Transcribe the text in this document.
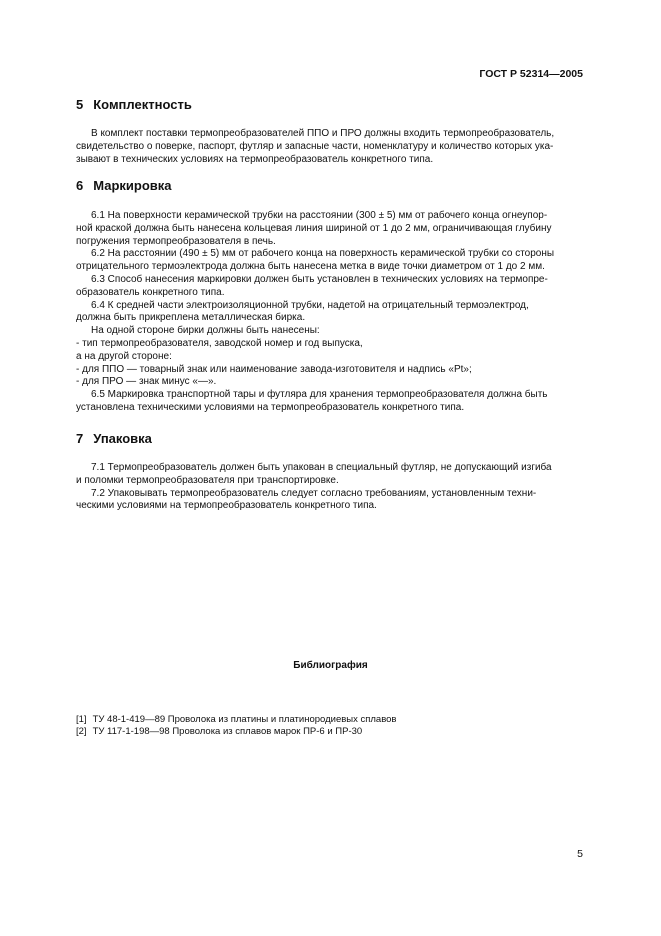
ГОСТ Р 52314—2005
5 Комплектность
В комплект поставки термопреобразователей ППО и ПРО должны входить термопреобразователь,
свидетельство о поверке, паспорт, футляр и запасные части, номенклатуру и количество которых ука-
зывают в технических условиях на термопреобразователь конкретного типа.
6 Маркировка
6.1 На поверхности керамической трубки на расстоянии (300 ± 5) мм от рабочего конца огнеупор-
ной краской должна быть нанесена кольцевая линия шириной от 1 до 2 мм, ограничивающая глубину
погружения термопреобразователя в печь.
6.2 На расстоянии (490 ± 5) мм от рабочего конца на поверхность керамической трубки со стороны
отрицательного термоэлектрода должна быть нанесена метка в виде точки диаметром от 1 до 2 мм.
6.3 Способ нанесения маркировки должен быть установлен в технических условиях на термопре-
образователь конкретного типа.
6.4 К средней части электроизоляционной трубки, надетой на отрицательный термоэлектрод,
должна быть прикреплена металлическая бирка.
На одной стороне бирки должны быть нанесены:
- тип термопреобразователя, заводской номер и год выпуска,
а на другой стороне:
- для ППО — товарный знак или наименование завода-изготовителя и надпись «Pt»;
- для ПРО — знак минус «—».
6.5 Маркировка транспортной тары и футляра для хранения термопреобразователя должна быть
установлена техническими условиями на термопреобразователь конкретного типа.
7 Упаковка
7.1 Термопреобразователь должен быть упакован в специальный футляр, не допускающий изгиба
и поломки термопреобразователя при транспортировке.
7.2 Упаковывать термопреобразователь следует согласно требованиям, установленным техни-
ческими условиями на термопреобразователь конкретного типа.
Библиография
[1] ТУ 48-1-419—89 Проволока из платины и платинородиевых сплавов
[2] ТУ 117-1-198—98 Проволока из сплавов марок ПР-6 и ПР-30
5
